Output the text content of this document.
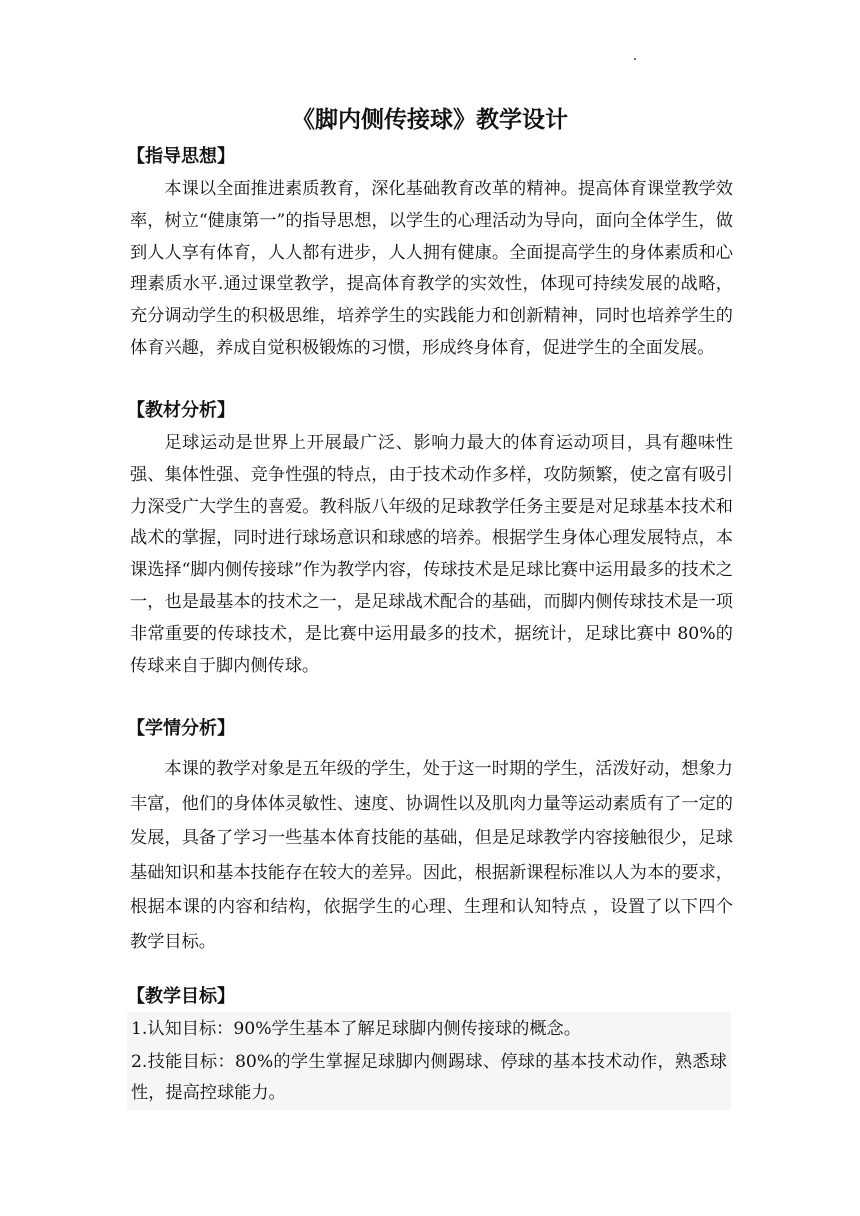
《脚内侧传接球》教学设计
【指导思想】

本课以全面推进素质教育，深化基础教育改革的精神。提高体育课堂教学效率，树立“健康第一”的指导思想，以学生的心理活动为导向，面向全体学生，做到人人享有体育，人人都有进步，人人拥有健康。全面提高学生的身体素质和心理素质水平.通过课堂教学，提高体育教学的实效性，体现可持续发展的战略，充分调动学生的积极思维，培养学生的实践能力和创新精神，同时也培养学生的体育兴趣，养成自觉积极锻炼的习惯，形成终身体育，促进学生的全面发展。

【教材分析】

足球运动是世界上开展最广泛、影响力最大的体育运动项目，具有趣味性强、集体性强、竞争性强的特点，由于技术动作多样，攻防频繁，使之富有吸引力深受广大学生的喜爱。教科版八年级的足球教学任务主要是对足球基本技术和战术的掌握，同时进行球场意识和球感的培养。根据学生身体心理发展特点，本课选择“脚内侧传接球”作为教学内容，传球技术是足球比赛中运用最多的技术之一，也是最基本的技术之一，是足球战术配合的基础，而脚内侧传球技术是一项非常重要的传球技术，是比赛中运用最多的技术，据统计，足球比赛中 80%的传球来自于脚内侧传球。

【学情分析】

本课的教学对象是五年级的学生，处于这一时期的学生，活泼好动，想象力丰富，他们的身体体灵敏性、速度、协调性以及肌肉力量等运动素质有了一定的发展，具备了学习一些基本体育技能的基础，但是足球教学内容接触很少，足球基础知识和基本技能存在较大的差异。因此，根据新课程标准以人为本的要求，根据本课的内容和结构，依据学生的心理、生理和认知特点 ，设置了以下四个教学目标。

【教学目标】
1.认知目标：90%学生基本了解足球脚内侧传接球的概念。
2.技能目标：80%的学生掌握足球脚内侧踢球、停球的基本技术动作，熟悉球性，提高控球能力。
